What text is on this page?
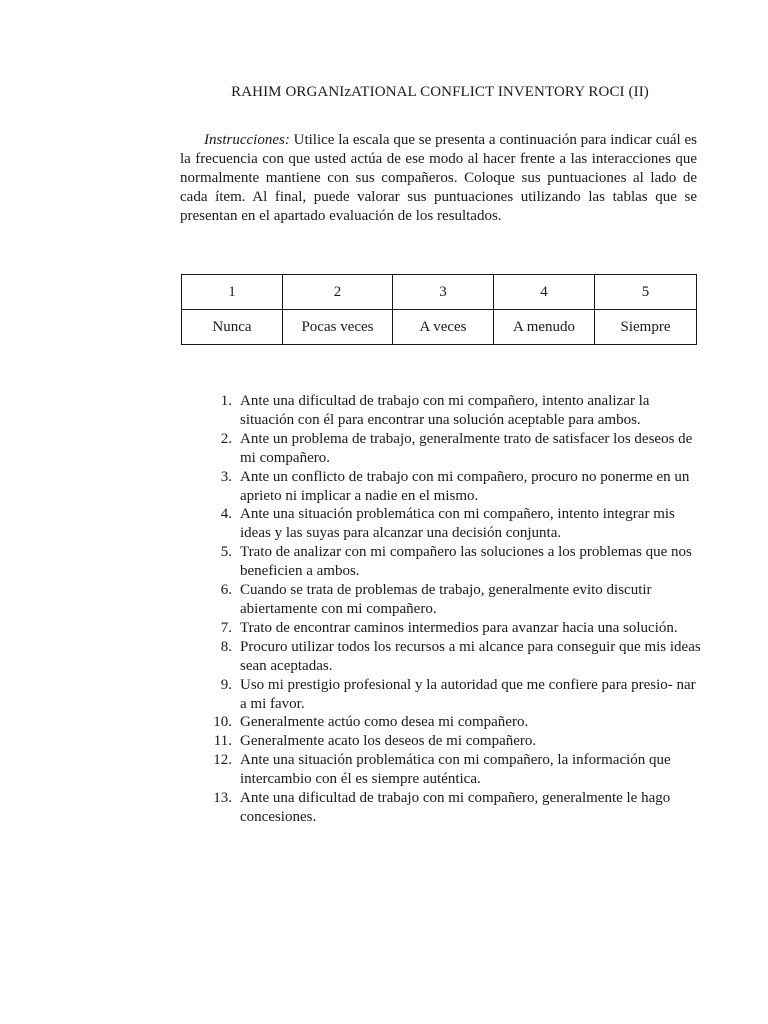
RAHIM ORGANIzATIONAL CONFLICT INVENTORY ROCI (II)

Instrucciones: Utilice la escala que se presenta a continuación para indicar cuál es la frecuencia con que usted actúa de ese modo al hacer frente a las interacciones que normalmente mantiene con sus compañeros. Coloque sus puntuaciones al lado de cada ítem. Al final, puede valorar sus puntuaciones utilizando las tablas que se presentan en el apartado evaluación de los resultados.

1	2	3	4	5
Nunca	Pocas veces	A veces	A menudo	Siempre
1. Ante una dificultad de trabajo con mi compañero, intento analizar la situación con él para encontrar una solución aceptable para ambos.
2. Ante un problema de trabajo, generalmente trato de satisfacer los deseos de mi compañero.
3. Ante un conflicto de trabajo con mi compañero, procuro no ponerme en un aprieto ni implicar a nadie en el mismo.
4. Ante una situación problemática con mi compañero, intento integrar mis ideas y las suyas para alcanzar una decisión conjunta.
5. Trato de analizar con mi compañero las soluciones a los problemas que nos beneficien a ambos.
6. Cuando se trata de problemas de trabajo, generalmente evito discutir abiertamente con mi compañero.
7. Trato de encontrar caminos intermedios para avanzar hacia una solución.
8. Procuro utilizar todos los recursos a mi alcance para conseguir que mis ideas sean aceptadas.
9. Uso mi prestigio profesional y la autoridad que me confiere para presio- nar a mi favor.
10. Generalmente actúo como desea mi compañero.
11. Generalmente acato los deseos de mi compañero.
12. Ante una situación problemática con mi compañero, la información que intercambio con él es siempre auténtica.
13. Ante una dificultad de trabajo con mi compañero, generalmente le hago concesiones.
